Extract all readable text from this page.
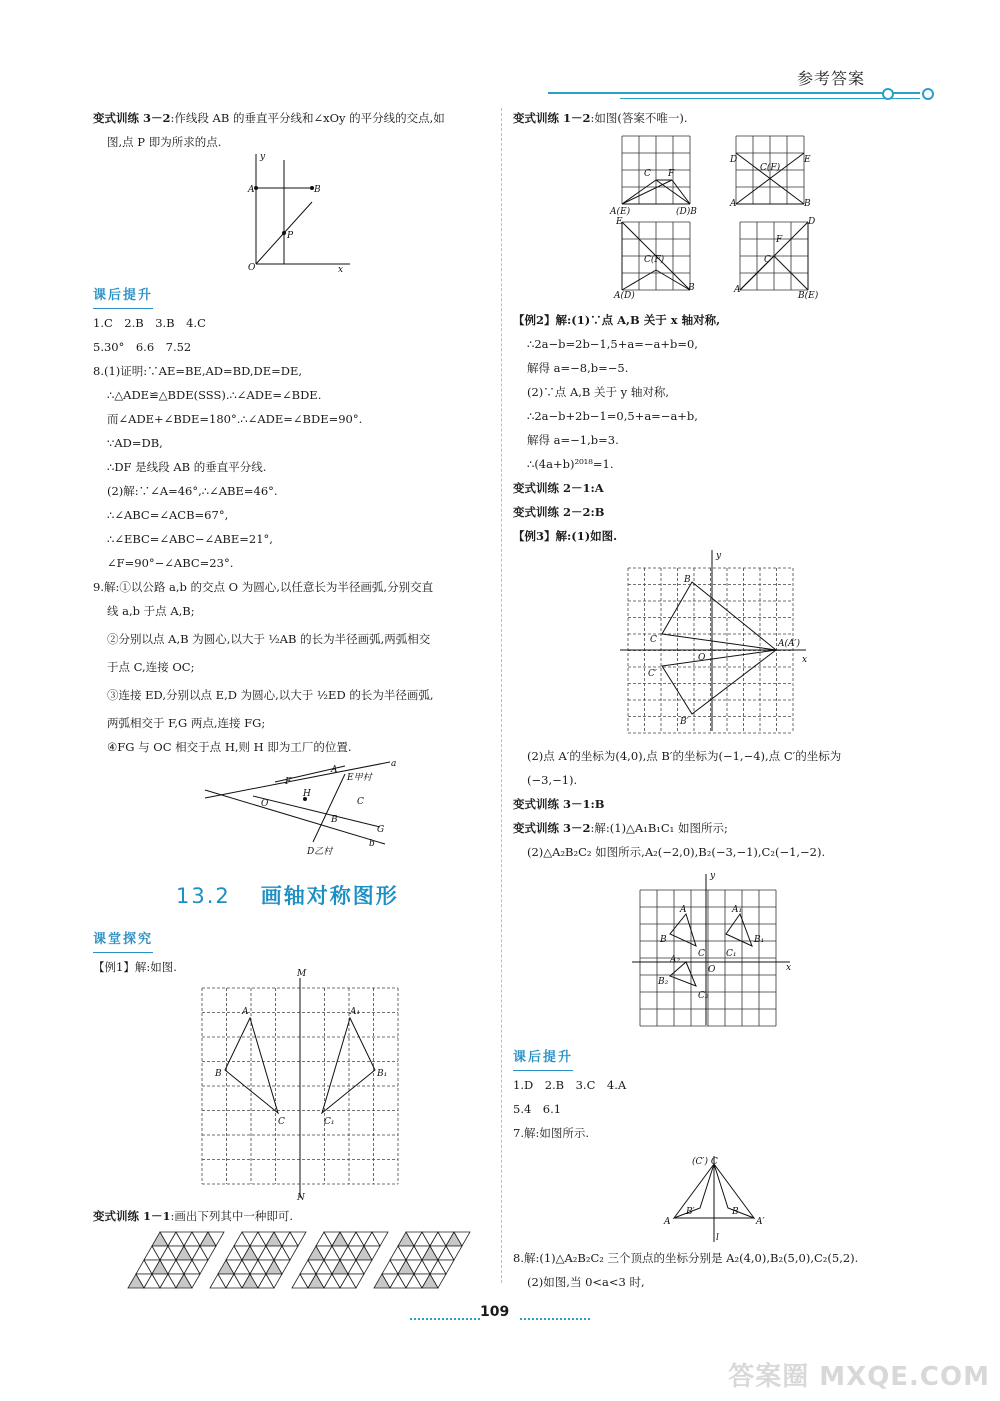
参考答案

变式训练 3－2:作线段 AB 的垂直平分线和∠xOy 的平分线的交点,如

图,点 P 即为所求的点.

y
A	B
P
O	x

课后提升

1.C　2.B　3.B　4.C

5.30°　6.6　7.52

8.(1)证明:∵AE=BE,AD=BD,DE=DE,

∴△ADE≌△BDE(SSS).∴∠ADE=∠BDE.

而∠ADE+∠BDE=180°.∴∠ADE=∠BDE=90°.

∵AD=DB,

∴DF 是线段 AB 的垂直平分线.

(2)解:∵∠A=46°,∴∠ABE=46°.

∴∠ABC=∠ACB=67°,

∴∠EBC=∠ABC−∠ABE=21°,

∠F=90°−∠ABC=23°.

9.解:①以公路 a,b 的交点 O 为圆心,以任意长为半径画弧,分别交直

线 a,b 于点 A,B;

②分别以点 A,B 为圆心,以大于 ½AB 的长为半径画弧,两弧相交

于点 C,连接 OC;

③连接 ED,分别以点 E,D 为圆心,以大于 ½ED 的长为半径画弧,

两弧相交于 F,G 两点,连接 FG;

④FG 与 OC 相交于点 H,则 H 即为工厂的位置.

a
F
A
E甲村
H
C
O
B
G
b
D乙村
13.2 画轴对称图形

课堂探究

【例1】解:如图.	M
N
A
B
C
A₁
B₁
C₁

变式训练 1－1:画出下列其中一种即可.

变式训练 1－2:如图(答案不唯一).

A(E)	(D)B
C F
D	E
C(F)
A	B
E
C(F)
A(D)
B
D
F
C
A
B(E)

【例2】解:(1)∵点 A,B 关于 x 轴对称,

∴2a−b=2b−1,5+a=−a+b=0,

解得 a=−8,b=−5.

(2)∵点 A,B 关于 y 轴对称,

∴2a−b+2b−1=0,5+a=−a+b,

解得 a=−1,b=3.

∴(4a+b)²⁰¹⁸=1.

变式训练 2－1:A

变式训练 2－2:B

【例3】解:(1)如图.

y
x
B
C
O
A(A′)
C′
B′

(2)点 A′的坐标为(4,0),点 B′的坐标为(−1,−4),点 C′的坐标为

(−3,−1).

变式训练 3－1:B

变式训练 3－2:解:(1)△A₁B₁C₁ 如图所示;

(2)△A₂B₂C₂ 如图所示,A₂(−2,0),B₂(−3,−1),C₂(−1,−2).

y
x
A
B
C
A₁
B₁
C₁
A₂
O
B₂
C₂

课后提升

1.D　2.B　3.C　4.A

5.4　6.1

7.解:如图所示.

(C′) C
A
B′	B
A′
l

8.解:(1)△A₂B₂C₂ 三个顶点的坐标分别是 A₂(4,0),B₂(5,0),C₂(5,2).

(2)如图,当 0<a<3 时,

109
答案圈 MXQE.COM
